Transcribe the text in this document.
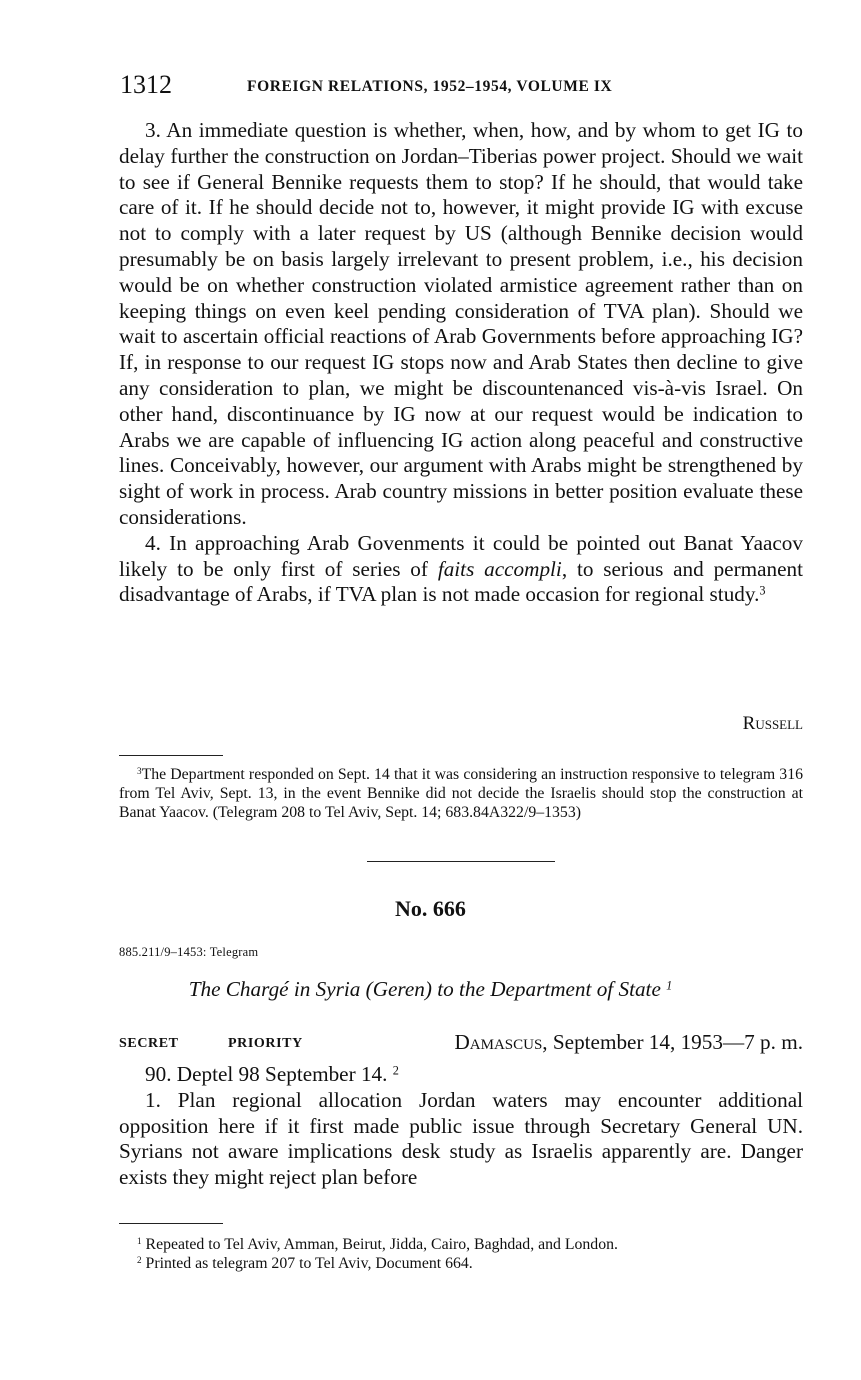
1312	FOREIGN RELATIONS, 1952–1954, VOLUME IX

3. An immediate question is whether, when, how, and by whom to get IG to delay further the construction on Jordan–Tiberias power project. Should we wait to see if General Bennike requests them to stop? If he should, that would take care of it. If he should decide not to, however, it might provide IG with excuse not to comply with a later request by US (although Bennike decision would presumably be on basis largely irrelevant to present problem, i.e., his decision would be on whether construction violated armistice agreement rather than on keeping things on even keel pending consideration of TVA plan). Should we wait to ascertain official reactions of Arab Governments before approaching IG? If, in response to our request IG stops now and Arab States then decline to give any consideration to plan, we might be discountenanced vis-à-vis Israel. On other hand, discontinuance by IG now at our request would be indication to Arabs we are capable of influencing IG action along peaceful and constructive lines. Conceivably, however, our argument with Arabs might be strengthened by sight of work in process. Arab country missions in better position evaluate these considerations.

4. In approaching Arab Govenments it could be pointed out Banat Yaacov likely to be only first of series of faits accompli, to serious and permanent disadvantage of Arabs, if TVA plan is not made occasion for regional study.$^3$

Russell

$^3$The Department responded on Sept. 14 that it was considering an instruction responsive to telegram 316 from Tel Aviv, Sept. 13, in the event Bennike did not decide the Israelis should stop the construction at Banat Yaacov. (Telegram 208 to Tel Aviv, Sept. 14; 683.84A322/9–1353)

No. 666
885.211/9–1453: Telegram
The Chargé in Syria (Geren) to the Department of State $^1$
SECRET	PRIORITY	Damascus, September 14, 1953—7 p. m.

90. Deptel 98 September 14. $^2$

1. Plan regional allocation Jordan waters may encounter additional opposition here if it first made public issue through Secretary General UN. Syrians not aware implications desk study as Israelis apparently are. Danger exists they might reject plan before

$^1$ Repeated to Tel Aviv, Amman, Beirut, Jidda, Cairo, Baghdad, and London.

$^2$ Printed as telegram 207 to Tel Aviv, Document 664.
